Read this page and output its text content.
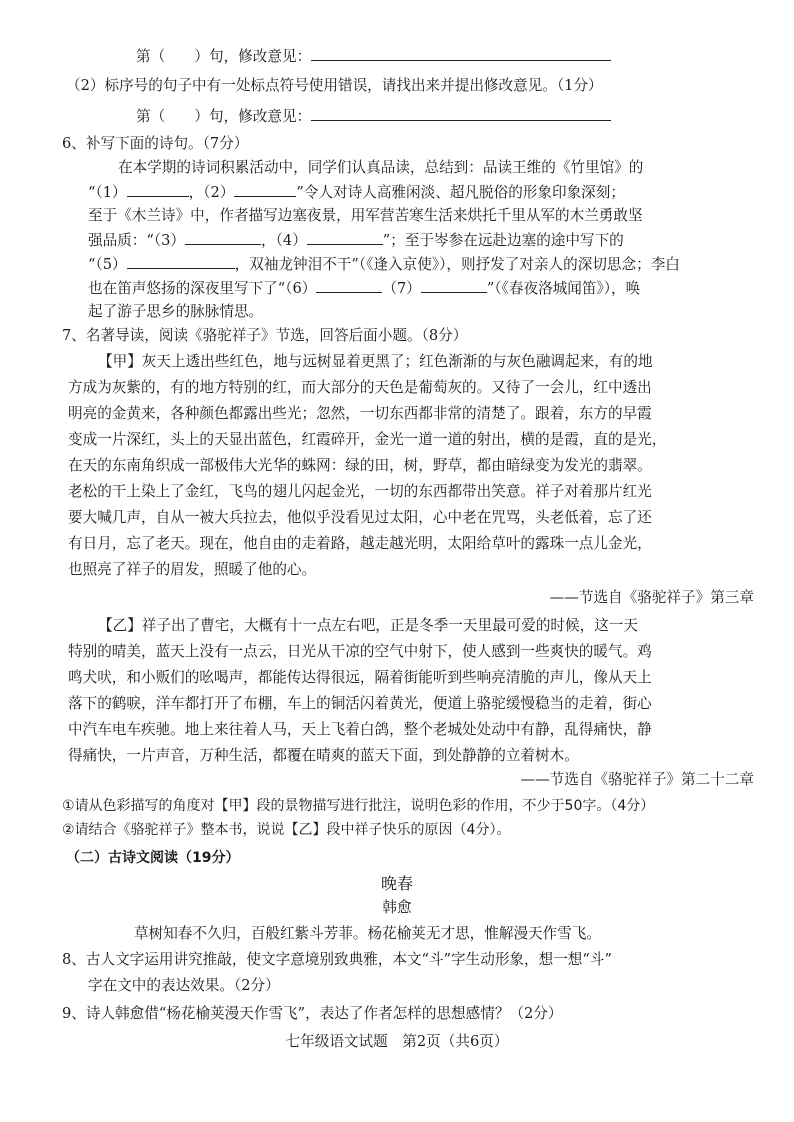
第（　　）句，修改意见：
（2）标序号的句子中有一处标点符号使用错误，请找出来并提出修改意见。（1分）
第（　　）句，修改意见：
6、补写下面的诗句。（7分）
在本学期的诗词积累活动中，同学们认真品读，总结到：品读王维的《竹里馆》的
“（1）	，（2）	”令人对诗人高雅闲淡、超凡脱俗的形象印象深刻；
至于《木兰诗》中，作者描写边塞夜景，用军营苦寒生活来烘托千里从军的木兰勇敢坚
强品质：“（3）	，（4）	”；至于岑参在远赴边塞的途中写下的
“（5）	，双袖龙钟泪不干”（《逢入京使》），则抒发了对亲人的深切思念；李白
也在笛声悠扬的深夜里写下了“（6）	（7）	”（《春夜洛城闻笛》），唤
起了游子思乡的脉脉情思。
7、名著导读，阅读《骆驼祥子》节选，回答后面小题。（8分）
【甲】灰天上透出些红色，地与远树显着更黑了；红色渐渐的与灰色融调起来，有的地
方成为灰紫的，有的地方特别的红，而大部分的天色是葡萄灰的。又待了一会儿，红中透出
明亮的金黄来，各种颜色都露出些光；忽然，一切东西都非常的清楚了。跟着，东方的早霞
变成一片深红，头上的天显出蓝色，红霞碎开，金光一道一道的射出，横的是霞，直的是光，
在天的东南角织成一部极伟大光华的蛛网：绿的田，树，野草，都由暗绿变为发光的翡翠。
老松的干上染上了金红，飞鸟的翅儿闪起金光，一切的东西都带出笑意。祥子对着那片红光
要大喊几声，自从一被大兵拉去，他似乎没看见过太阳，心中老在咒骂，头老低着，忘了还
有日月，忘了老天。现在，他自由的走着路，越走越光明，太阳给草叶的露珠一点儿金光，
也照亮了祥子的眉发，照暖了他的心。
——节选自《骆驼祥子》第三章
【乙】祥子出了曹宅，大概有十一点左右吧，正是冬季一天里最可爱的时候，这一天
特别的晴美，蓝天上没有一点云，日光从干凉的空气中射下，使人感到一些爽快的暖气。鸡
鸣犬吠，和小贩们的吆喝声，都能传达得很远，隔着街能听到些响亮清脆的声儿，像从天上
落下的鹤唳，洋车都打开了布棚，车上的铜活闪着黄光，便道上骆驼缓慢稳当的走着，街心
中汽车电车疾驰。地上来往着人马，天上飞着白鸽，整个老城处处动中有静，乱得痛快，静
得痛快，一片声音，万种生活，都覆在晴爽的蓝天下面，到处静静的立着树木。
——节选自《骆驼祥子》第二十二章
①请从色彩描写的角度对【甲】段的景物描写进行批注，说明色彩的作用，不少于50字。（4分）
②请结合《骆驼祥子》整本书，说说【乙】段中祥子快乐的原因（4分）。
（二）古诗文阅读（19分）
晚春
韩愈
草树知春不久归，百般红紫斗芳菲。杨花榆荚无才思，惟解漫天作雪飞。
8、古人文字运用讲究推敲，使文字意境别致典雅，本文“斗”字生动形象，想一想“斗”
字在文中的表达效果。（2分）
9、诗人韩愈借“杨花榆荚漫天作雪飞”，表达了作者怎样的思想感情？（2分）
七年级语文试题　第2页（共6页）
